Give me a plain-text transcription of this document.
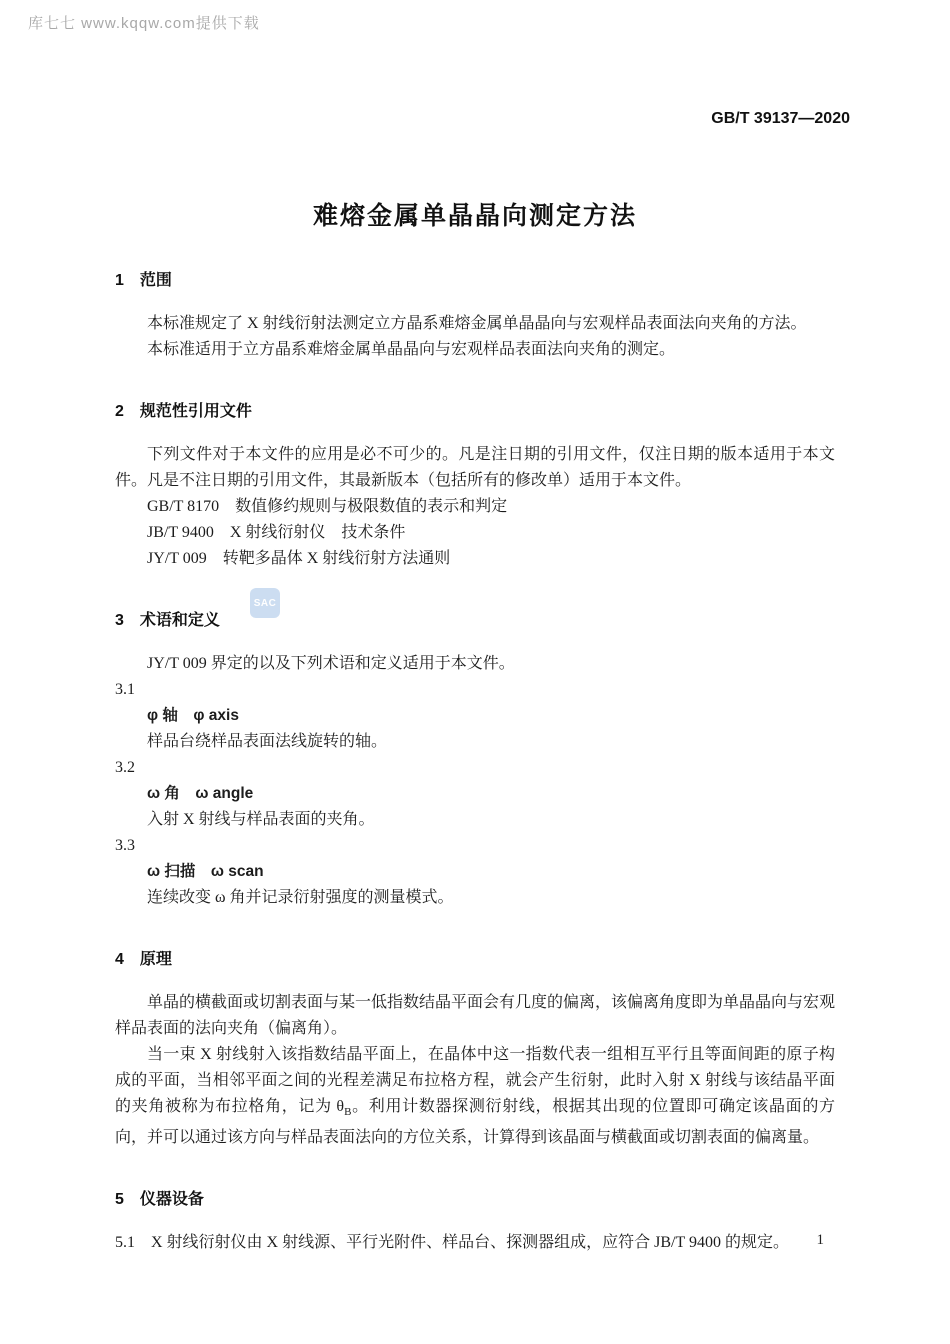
库七七 www.kqqw.com提供下载
GB/T 39137—2020
SAC
难熔金属单晶晶向测定方法
1 范围

本标准规定了 X 射线衍射法测定立方晶系难熔金属单晶晶向与宏观样品表面法向夹角的方法。

本标准适用于立方晶系难熔金属单晶晶向与宏观样品表面法向夹角的测定。

2 规范性引用文件

下列文件对于本文件的应用是必不可少的。凡是注日期的引用文件，仅注日期的版本适用于本文件。凡是不注日期的引用文件，其最新版本（包括所有的修改单）适用于本文件。

GB/T 8170　数值修约规则与极限数值的表示和判定

JB/T 9400　X 射线衍射仪　技术条件

JY/T 009　转靶多晶体 X 射线衍射方法通则

3 术语和定义

JY/T 009 界定的以及下列术语和定义适用于本文件。

3.1

φ 轴　φ axis

样品台绕样品表面法线旋转的轴。

3.2

ω 角　ω angle

入射 X 射线与样品表面的夹角。

3.3

ω 扫描　ω scan

连续改变 ω 角并记录衍射强度的测量模式。

4 原理

单晶的横截面或切割表面与某一低指数结晶平面会有几度的偏离，该偏离角度即为单晶晶向与宏观样品表面的法向夹角（偏离角）。

当一束 X 射线射入该指数结晶平面上，在晶体中这一指数代表一组相互平行且等面间距的原子构成的平面，当相邻平面之间的光程差满足布拉格方程，就会产生衍射，此时入射 X 射线与该结晶平面的夹角被称为布拉格角，记为 $\theta_B$。利用计数器探测衍射线，根据其出现的位置即可确定该晶面的方向，并可以通过该方向与样品表面法向的方位关系，计算得到该晶面与横截面或切割表面的偏离量。

5 仪器设备

5.1 X 射线衍射仪由 X 射线源、平行光附件、样品台、探测器组成，应符合 JB/T 9400 的规定。 1
